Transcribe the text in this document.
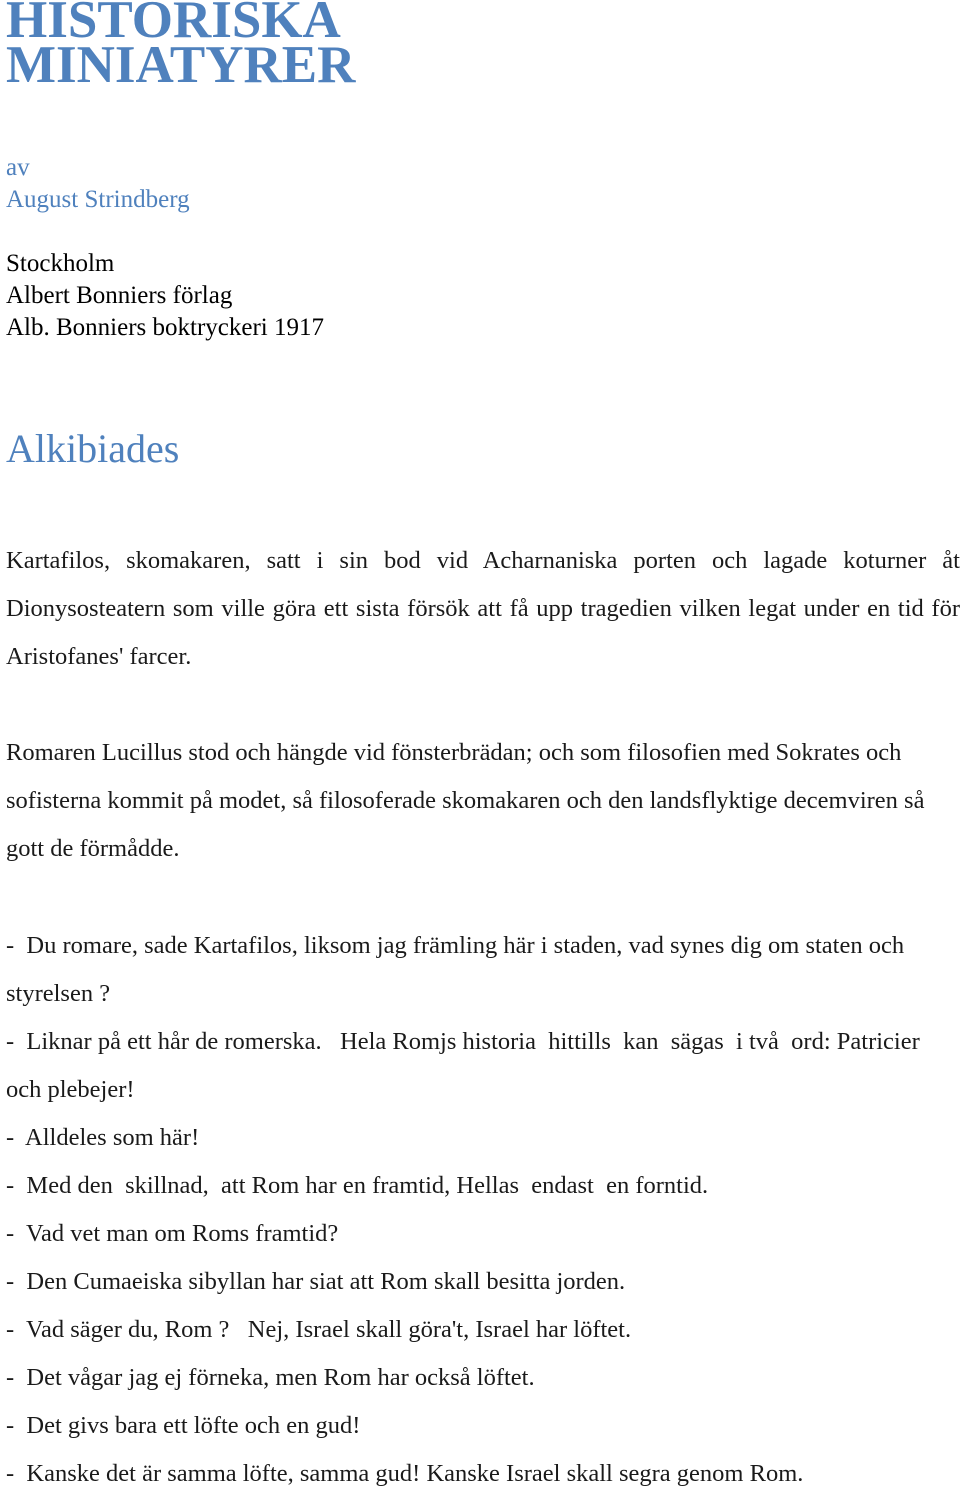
HISTORISKA
MINIATYRER
av
August Strindberg
Stockholm
Albert Bonniers förlag
Alb. Bonniers boktryckeri 1917
Alkibiades

Kartafilos, skomakaren, satt i sin bod vid Acharnaniska porten och lagade koturner åt Dionysosteatern som ville göra ett sista försök att få upp tragedien vilken legat under en tid för Aristofanes' farcer.

Romaren Lucillus stod och hängde vid fönsterbrädan; och som filosofien med Sokrates och sofisterna kommit på modet, så filosoferade skomakaren och den landsflyktige decemviren så gott de förmådde.

-  Du romare, sade Kartafilos, liksom jag främling här i staden, vad synes dig om staten och styrelsen ?
-  Liknar på ett hår de romerska.   Hela Romjs historia  hittills  kan  sägas  i två  ord: Patricier och plebejer!
-  Alldeles som här!
-  Med den  skillnad,  att Rom har en framtid, Hellas  endast  en forntid.
-  Vad vet man om Roms framtid?
-  Den Cumaeiska sibyllan har siat att Rom skall besitta jorden.
-  Vad säger du, Rom ?   Nej, Israel skall göra't, Israel har löftet.
-  Det vågar jag ej förneka, men Rom har också löftet.
-  Det givs bara ett löfte och en gud!
-  Kanske det är samma löfte, samma gud! Kanske Israel skall segra genom Rom.
